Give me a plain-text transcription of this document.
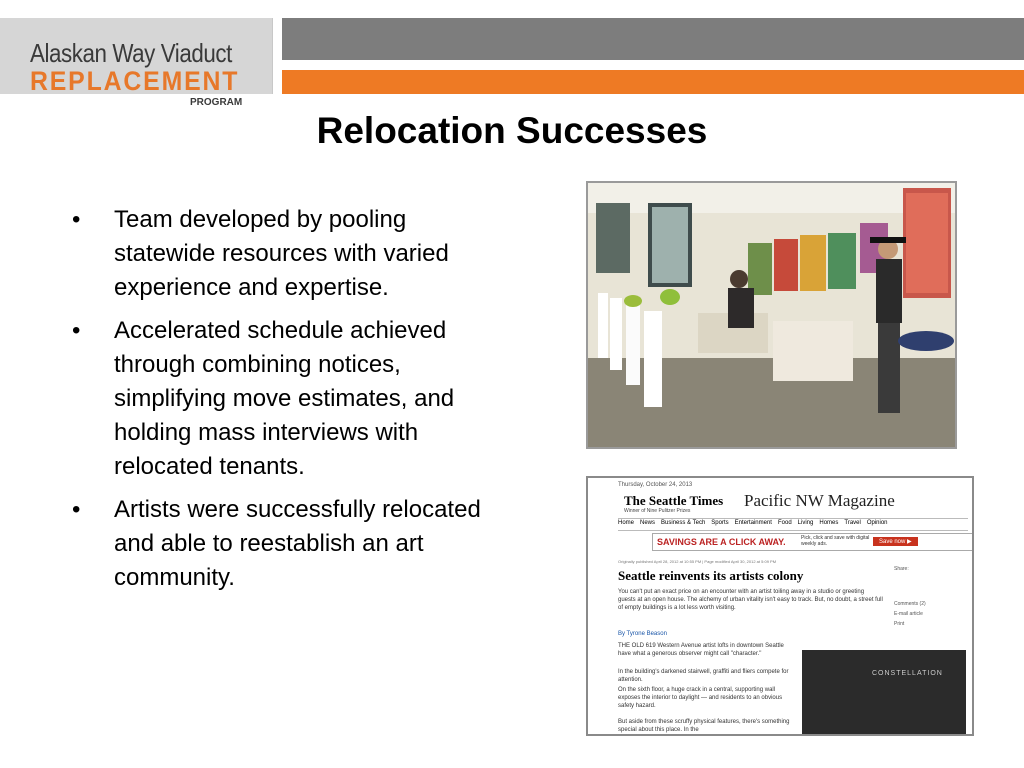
Alaskan Way Viaduct
REPLACEMENT
PROGRAM
Relocation Successes
• Team developed by pooling statewide resources with varied experience and expertise.
• Accelerated schedule achieved through combining notices, simplifying move estimates, and holding mass interviews with relocated tenants.
• Artists were successfully relocated and able to reestablish an art community.
Thursday, October 24, 2013
The Seattle Times
Winner of Nine Pulitzer Prizes
Pacific NW Magazine
Home News Business & Tech Sports Entertainment Food Living Homes Travel Opinion
SAVINGS ARE A CLICK AWAY.	Pick, click and save with digital weekly ads.	Save now ▶
Originally published April 28, 2012 at 10:55 PM | Page modified April 30, 2012 at 5:09 PM
Seattle reinvents its artists colony
You can't put an exact price on an encounter with an artist toiling away in a studio or greeting guests at an open house. The alchemy of urban vitality isn't easy to track. But, no doubt, a street full of empty buildings is a lot less worth visiting.
By Tyrone Beason
THE OLD 619 Western Avenue artist lofts in downtown Seattle have what a generous observer might call "character."
In the building's darkened stairwell, graffiti and fliers compete for attention.
On the sixth floor, a huge crack in a central, supporting wall exposes the interior to daylight — and residents to an obvious safety hazard.
But aside from these scruffy physical features, there's something special about this place. In the
Share:
Comments (2)
E-mail article
Print
CONSTELLATION
